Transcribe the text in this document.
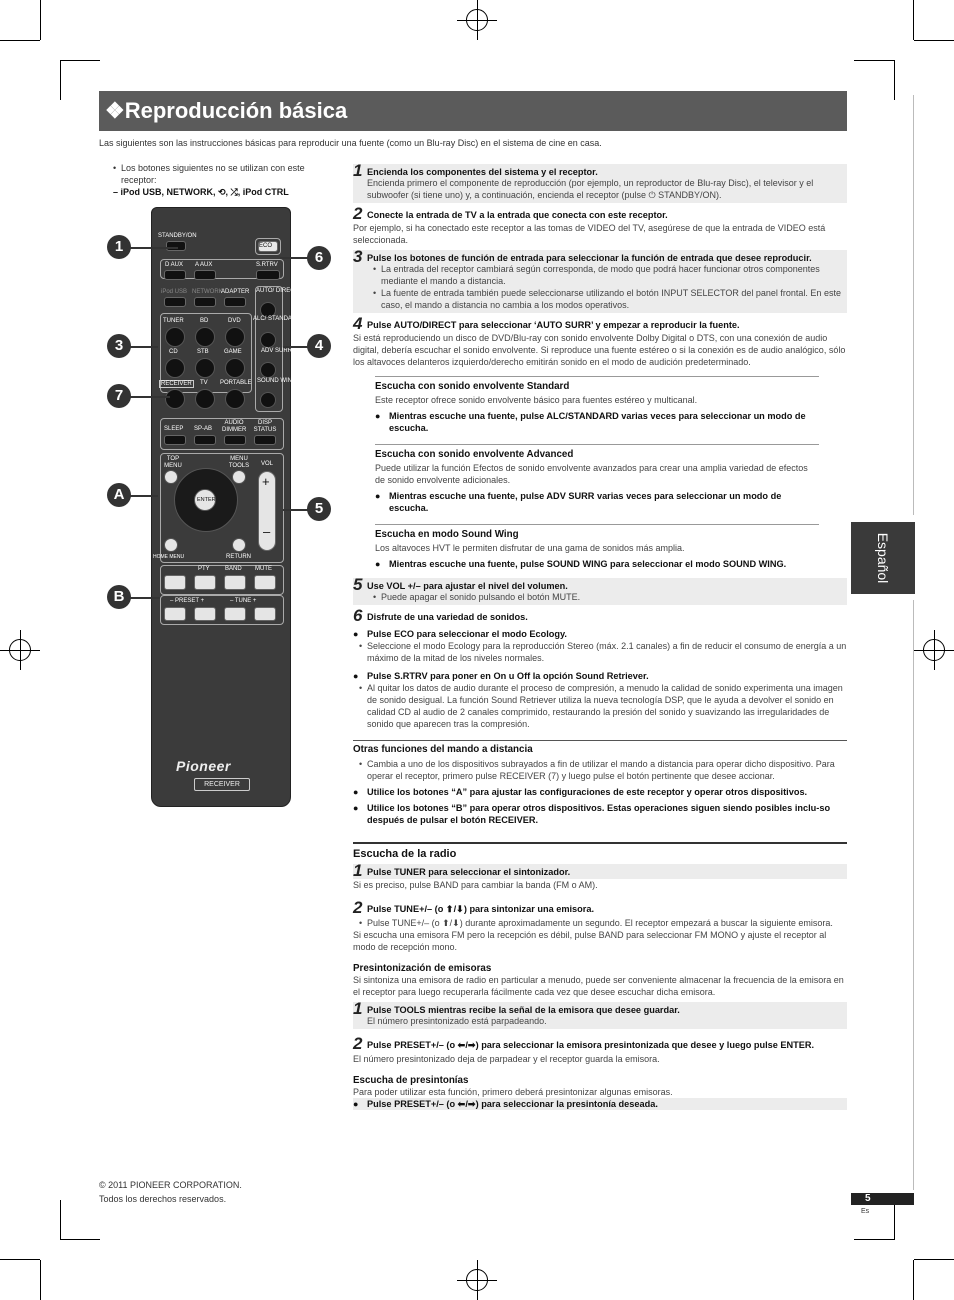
❖Reproducción básica
Las siguientes son las instrucciones básicas para reproducir una fuente (como un Blu-ray Disc) en el sistema de cine en casa.
Español
• Los botones siguientes no se utilizan con este receptor:
– iPod USB, NETWORK, ⟲, ⤮, iPod CTRL
STANDBY/ON
ECO
D AUX A AUX	S.RTRV
iPod USB NETWORK
ADAPTER AUTO/ DIRECT
TUNER	BD	DVD ALC/ STANDARD
CD	STB	GAME	ADV SURR
RECEIVER	TV PORTABLE SOUND WING
SLEEP SP-AB
AUDIO DIMMER
DISP STATUS
TOP MENU
MENU TOOLS
ENTER
HOME MENU	RETURN
VOL
+
–
PTY	BAND MUTE
– PRESET +	– TUNE +
Pioneer
RECEIVER
1
6
3	4
7
A
5
B
1 Encienda los componentes del sistema y el receptor.
Encienda primero el componente de reproducción (por ejemplo, un reproductor de Blu-ray Disc), el televisor y el subwoofer (si tiene uno) y, a continuación, encienda el receptor (pulse ⏻ STANDBY/ON).
2 Conecte la entrada de TV a la entrada que conecta con este receptor.
Por ejemplo, si ha conectado este receptor a las tomas de VIDEO del TV, asegúrese de que la entrada de VIDEO está seleccionada.
3 Pulse los botones de función de entrada para seleccionar la función de entrada que desee reproducir.
• La entrada del receptor cambiará según corresponda, de modo que podrá hacer funcionar otros componentes mediante el mando a distancia.
• La fuente de entrada también puede seleccionarse utilizando el botón INPUT SELECTOR del panel frontal. En este caso, el mando a distancia no cambia a los modos operativos.
4 Pulse AUTO/DIRECT para seleccionar ‘AUTO SURR’ y empezar a reproducir la fuente.
Si está reproduciendo un disco de DVD/Blu-ray con sonido envolvente Dolby Digital o DTS, con una conexión de audio digital, debería escuchar el sonido envolvente. Si reproduce una fuente estéreo o si la conexión es de audio analógico, sólo los altavoces delanteros izquierdo/derecho emitirán sonido en el modo de audición predeterminado.
Escucha con sonido envolvente Standard
Este receptor ofrece sonido envolvente básico para fuentes estéreo y multicanal.
● Mientras escuche una fuente, pulse ALC/STANDARD varias veces para seleccionar un modo de escucha.
Escucha con sonido envolvente Advanced
Puede utilizar la función Efectos de sonido envolvente avanzados para crear una amplia variedad de efectos de sonido envolvente adicionales.
● Mientras escuche una fuente, pulse ADV SURR varias veces para seleccionar un modo de escucha.
Escucha en modo Sound Wing
Los altavoces HVT le permiten disfrutar de una gama de sonidos más amplia.
● Mientras escuche una fuente, pulse SOUND WING para seleccionar el modo SOUND WING.
5 Use VOL +/– para ajustar el nivel del volumen.
• Puede apagar el sonido pulsando el botón MUTE.
6 Disfrute de una variedad de sonidos.
● Pulse ECO para seleccionar el modo Ecology.
• Seleccione el modo Ecology para la reproducción Stereo (máx. 2.1 canales) a fin de reducir el consumo de energía a un máximo de la mitad de los niveles normales.
● Pulse S.RTRV para poner en On u Off la opción Sound Retriever.
• Al quitar los datos de audio durante el proceso de compresión, a menudo la calidad de sonido experimenta una imagen de sonido desigual. La función Sound Retriever utiliza la nueva tecnología DSP, que le ayuda a devolver el sonido en calidad CD al audio de 2 canales comprimido, restaurando la presión del sonido y suavizando las irregularidades de sonido que aparecen tras la compresión.
Otras funciones del mando a distancia
• Cambia a uno de los dispositivos subrayados a fin de utilizar el mando a distancia para operar dicho dispositivo. Para operar el receptor, primero pulse RECEIVER (7) y luego pulse el botón pertinente que desee accionar.
● Utilice los botones “A” para ajustar las configuraciones de este receptor y operar otros dispositivos.
● Utilice los botones “B” para operar otros dispositivos. Estas operaciones siguen siendo posibles inclu-so después de pulsar el botón RECEIVER.
Escucha de la radio
1 Pulse TUNER para seleccionar el sintonizador.
Si es preciso, pulse BAND para cambiar la banda (FM o AM).
2 Pulse TUNE+/– (o ⬆/⬇) para sintonizar una emisora.
• Pulse TUNE+/– (o ⬆/⬇) durante aproximadamente un segundo. El receptor empezará a buscar la siguiente emisora.
Si escucha una emisora FM pero la recepción es débil, pulse BAND para seleccionar FM MONO y ajuste el receptor al modo de recepción mono.
Presintonización de emisoras
Si sintoniza una emisora de radio en particular a menudo, puede ser conveniente almacenar la frecuencia de la emisora en el receptor para luego recuperarla fácilmente cada vez que desee escuchar dicha emisora.
1 Pulse TOOLS mientras recibe la señal de la emisora que desee guardar.
El número presintonizado está parpadeando.
2 Pulse PRESET+/– (o ⬅/➡) para seleccionar la emisora presintonizada que desee y luego pulse ENTER.
El número presintonizado deja de parpadear y el receptor guarda la emisora.
Escucha de presintonías
Para poder utilizar esta función, primero deberá presintonizar algunas emisoras.
● Pulse PRESET+/– (o ⬅/➡) para seleccionar la presintonía deseada.
© 2011 PIONEER CORPORATION.
Todos los derechos reservados.	5
Es
